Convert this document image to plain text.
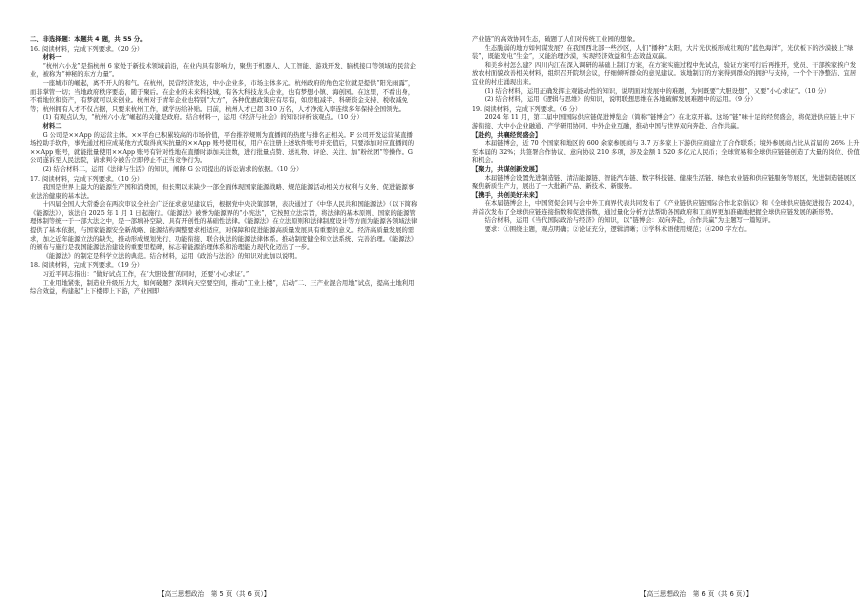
二、非选择题：本题共 4 题，共 55 分。

16. 阅读材料，完成下列要求。（20 分）

材料一

“杭州六小龙”是指杭州 6 家处于新技术领域前沿，在业内具有影响力，聚焦于机器人、人工智能、游戏开发、脑机接口等领域的民营企业，被称为“神秘的东方力量”。

一座城市的崛起，离不开人的和气。在杭州，民营经济发达，中小企业多，市场主体多元。杭州政府的角色定位就是提供“阳光雨露”，而非掌管一切；当地政府秩序要态，随于聚后。在企业的未来科技城，有各大科技龙头企业，也有梦想小镇、海创园。在这里，不看出身，不看地位和资产，有梦就可以来创业。杭州对于青年企业也特别“大方”，各种优惠政策应有尽有，如房租减半、科研资金支持、税收减免等；杭州拥有人才不仅占据，只要来杭州工作，就学历给补贴。目前，杭州人才已超 310 万名，人才净流入率连续多年保持全国领先。

(1) 有观点认为，“杭州六小龙”崛起的关键是政府。结合材料一，运用《经济与社会》的知识评析该观点。（10 分）

材料二

G 公司是××App 的运营主体。××平台已积累较高的市场价值，平台推荐规则为直播间的热度与排名正相关。F 公司开发运营某直播场控助手软件，事先通过相应成某他方式取得真实抗量的××App 账号使用权，用户在注册上述软件账号并充值后，只要添加对应直播间的××App 账号，就能批量使用××App 账号有针对性地在直播时添加关注数，进行批量点赞、送礼物、评论、关注、加“粉丝团”等操作。G 公司遂诉至人民法院，请求判令被告立即停止不正当竞争行为。

(2) 结合材料二，运用《法律与生活》的知识，阐释 G 公司提出的诉讼请求的依据。（10 分）

17. 阅读材料，完成下列要求。（10 分）

我国是世界上最大的能源生产国和消费国，但长期以来缺少一部全面体现国家能源战略、规范能源活动相关方权利与义务、促进能源事业法治健康的基本法。

十四届全国人大常委会在两次审议全社会广泛征求意见建议后，根据党中央决策部署，表决通过了《中华人民共和国能源法》（以下简称《能源法》），该法自 2025 年 1 月 1 日起施行。《能源法》被誉为能源界的“小宪法”，它按照立法宗旨，将法律的基本原则、国家的能源管理体制等统一于一部大法之中，是一部填补空缺、具有开创性的基础性法律。《能源法》在立法原则和法律制度设计等方面为能源各领域法律提供了基本依据，与国家能源安全新战略、能源结构调整要求相适应，对保障和促进能源高质量发展具有重要的意义。经济高质量发展的需求，加之近年能源立法的缺失，推动形成规划先行、功能衔接、联合执法的能源法律体系。推动制度健全和立法系统、完善治理。《能源法》的颁布与施行是我国能源法治建设的重要里程碑，标志着能源治理体系和治理能力现代化迈出了一步。

《能源法》的制定是科学立法的典范。结合材料，运用《政治与法治》的知识对此加以说明。

18. 阅读材料，完成下列要求。（19 分）

习近平同志指出：“做好试点工作，在‘大胆设想’的同时，还要‘小心求证’。”

工业用地紧张，制造业升级压力大，如何破题？深圳向天空要空间，推动“工业上楼”，启动“二、三产业混合用地”试点，提高土地利用综合效益，构建起“上下楼即上下游，产业园即

产业链”的高效协同生态，破题了人们对传统工业园的想象。

生态脆弱的地方如何谋发展？在我国西北部一些沙区，人们“播种”太阳，大片光伏板形成壮观的“蓝色海洋”，光伏板下的沙漠披上“绿装”，既能发电“生金”，又能治理沙漠，实现经济效益和生态效益双赢。

和美乡村怎么建？四川内江在深入调研的基础上制订方案，在方案实施过程中先试点，验证方案可行后再推开，党员、干部挨家挨户发放农村面貌改善相关材料，组织召开院坝会议，仔细倾听群众的意见建议。该地制订的方案得到群众的拥护与支持，一个个干净整洁、宜居宜业的村庄涌现出来。

(1) 结合材料，运用正确发挥主观能动性的知识，说明面对发展中的难题，为何既要“大胆设想”，又要“小心求证”。（10 分）

(2) 结合材料，运用《逻辑与思维》的知识，说明联想思维在各地破解发展难题中的运用。（9 分）

19. 阅读材料，完成下列要求。（6 分）

2024 年 11 月，第二届中国国际供应链促进博览会（简称“链博会”）在北京开幕。这场“链”味十足的经贸盛会，将促进供应链上中下游衔接、大中小企业融通、产学研用协同、中外企业互融，推动中国与世界双向奔赴、合作共赢。

【赴约，共襄经贸盛会】

本届链博会，近 70 个国家和地区的 600 余家参展商与 3.7 万多家上下游供应商建立了合作联系；境外参展商占比从首届的 26% 上升至本届的 32%；共签署合作协议、意向协议 210 多项，涉及金额 1 520 多亿元人民币；全球贸易和全球供应链链创造了大量的岗位、价值和机会。

【聚力，共谋创新发展】

本届链博会设置先进制造链、清洁能源链、智能汽车链、数字科技链、健康生活链、绿色农业链和供应链服务等展区，先进制造链展区聚焦新质生产力，展出了一大批新产品、新技术、新服务。

【携手，共创美好未来】

在本届链博会上，中国贸促会同与会中外工商界代表共同发布了《产业链供应链国际合作北京倡议》和《全球供应链促进报告 2024》，并首次发布了全球供应链连接指数和促进指数，通过量化分析方法帮助各国政府和工商界更加准确地把握全球供应链发展的新形势。

结合材料，运用《当代国际政治与经济》的知识，以“链博会：双向奔赴，合作共赢”为主题写一篇短评。

要求：①围绕主题，观点明确；②论证充分，逻辑清晰；③学科术语使用规范；④200 字左右。

【高三思想政治　第 5 页（共 6 页）】	【高三思想政治　第 6 页（共 6 页）】
